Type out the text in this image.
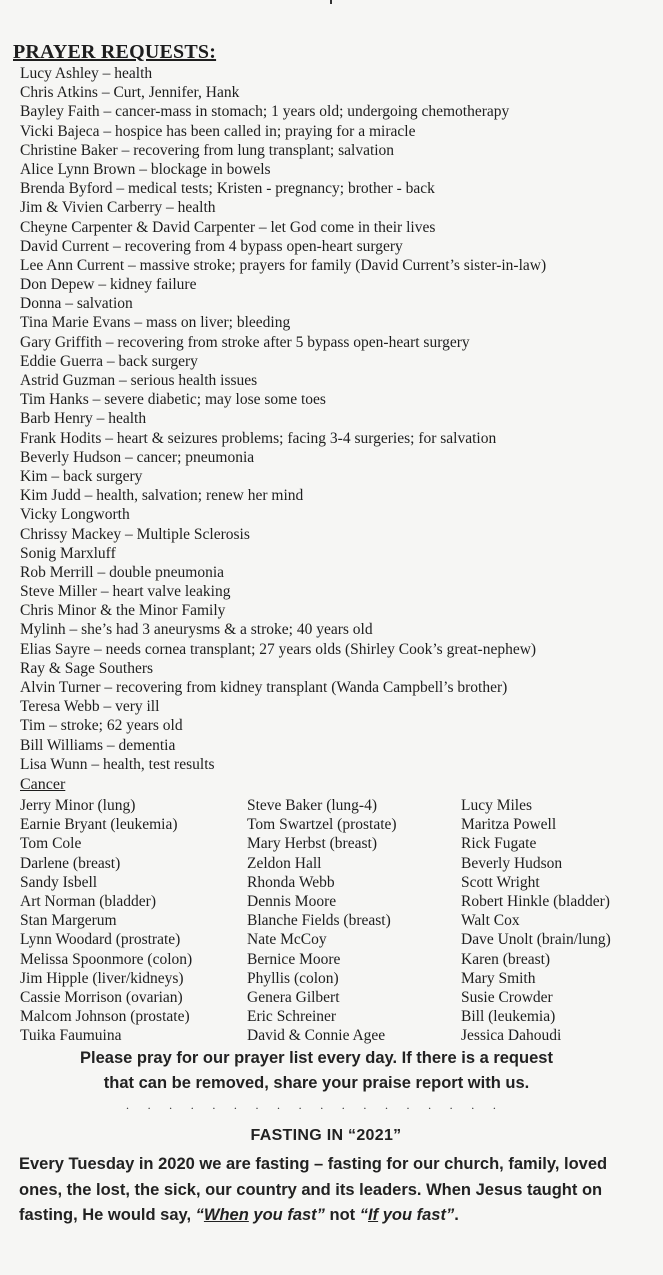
PRAYER REQUESTS:
Lucy Ashley – health
Chris Atkins – Curt, Jennifer, Hank
Bayley Faith – cancer-mass in stomach; 1 years old; undergoing chemotherapy
Vicki Bajeca – hospice has been called in; praying for a miracle
Christine Baker – recovering from lung transplant; salvation
Alice Lynn Brown – blockage in bowels
Brenda Byford – medical tests; Kristen - pregnancy; brother - back
Jim & Vivien Carberry – health
Cheyne Carpenter & David Carpenter – let God come in their lives
David Current – recovering from 4 bypass open-heart surgery
Lee Ann Current – massive stroke; prayers for family (David Current’s sister-in-law)
Don Depew – kidney failure
Donna – salvation
Tina Marie Evans – mass on liver; bleeding
Gary Griffith – recovering from stroke after 5 bypass open-heart surgery
Eddie Guerra – back surgery
Astrid Guzman – serious health issues
Tim Hanks – severe diabetic; may lose some toes
Barb Henry – health
Frank Hodits – heart & seizures problems; facing 3-4 surgeries; for salvation
Beverly Hudson – cancer; pneumonia
Kim – back surgery
Kim Judd – health, salvation; renew her mind
Vicky Longworth
Chrissy Mackey – Multiple Sclerosis
Sonig Marxluff
Rob Merrill – double pneumonia
Steve Miller – heart valve leaking
Chris Minor & the Minor Family
Mylinh – she’s had 3 aneurysms & a stroke; 40 years old
Elias Sayre – needs cornea transplant; 27 years olds (Shirley Cook’s great-nephew)
Ray & Sage Southers
Alvin Turner – recovering from kidney transplant (Wanda Campbell’s brother)
Teresa Webb – very ill
Tim – stroke; 62 years old
Bill Williams – dementia
Lisa Wunn – health, test results
Cancer
Jerry Minor (lung)
Earnie Bryant (leukemia)
Tom Cole
Darlene (breast)
Sandy Isbell
Art Norman (bladder)
Stan Margerum
Lynn Woodard (prostrate)
Melissa Spoonmore (colon)
Jim Hipple (liver/kidneys)
Cassie Morrison (ovarian)
Malcom Johnson (prostate)
Tuika Faumuina
Steve Baker (lung-4)
Tom Swartzel (prostate)
Mary Herbst (breast)
Zeldon Hall
Rhonda Webb
Dennis Moore
Blanche Fields (breast)
Nate McCoy
Bernice Moore
Phyllis (colon)
Genera Gilbert
Eric Schreiner
David & Connie Agee
Lucy Miles
Maritza Powell
Rick Fugate
Beverly Hudson
Scott Wright
Robert Hinkle (bladder)
Walt Cox
Dave Unolt (brain/lung)
Karen (breast)
Mary Smith
Susie Crowder
Bill (leukemia)
Jessica Dahoudi
Please pray for our prayer list every day. If there is a request
that can be removed, share your praise report with us.
. . . . . . . . . . . . . . . . . .
FASTING IN “2021”
Every Tuesday in 2020 we are fasting – fasting for our church, family, loved ones, the lost, the sick, our country and its leaders. When Jesus taught on fasting, He would say, “When you fast” not “If you fast”.
